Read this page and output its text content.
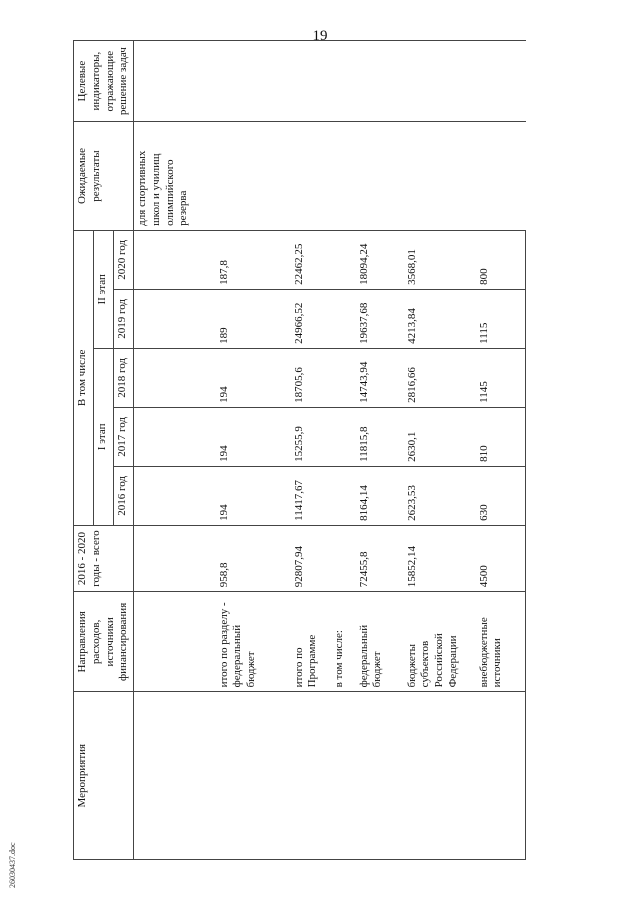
19
Мероприятия	Направления расходов, источники финансирования	2016 - 2020 годы - всего	В том числе					Ожидаемые результаты	Целевые индикаторы, отражающие решение задач
			I этап			II этап			
			2016 год	2017 год	2018 год	2019 год	2020 год		
								для спортивных школ и училищ олимпийского резерва	
	итого по разделу - федеральный бюджет	958,8	194	194	194	189	187,8		
	итого по Программе	92807,94	11417,67	15255,9	18705,6	24966,52	22462,25		
	в том числе:								
	федеральный бюджет	72455,8	8164,14	11815,8	14743,94	19637,68	18094,24		
	бюджеты субъектов Российской Федерации	15852,14	2623,53	2630,1	2816,66	4213,84	3568,01		
	внебюджетные источники	4500	630	810	1145	1115	800		
26030437.doc
